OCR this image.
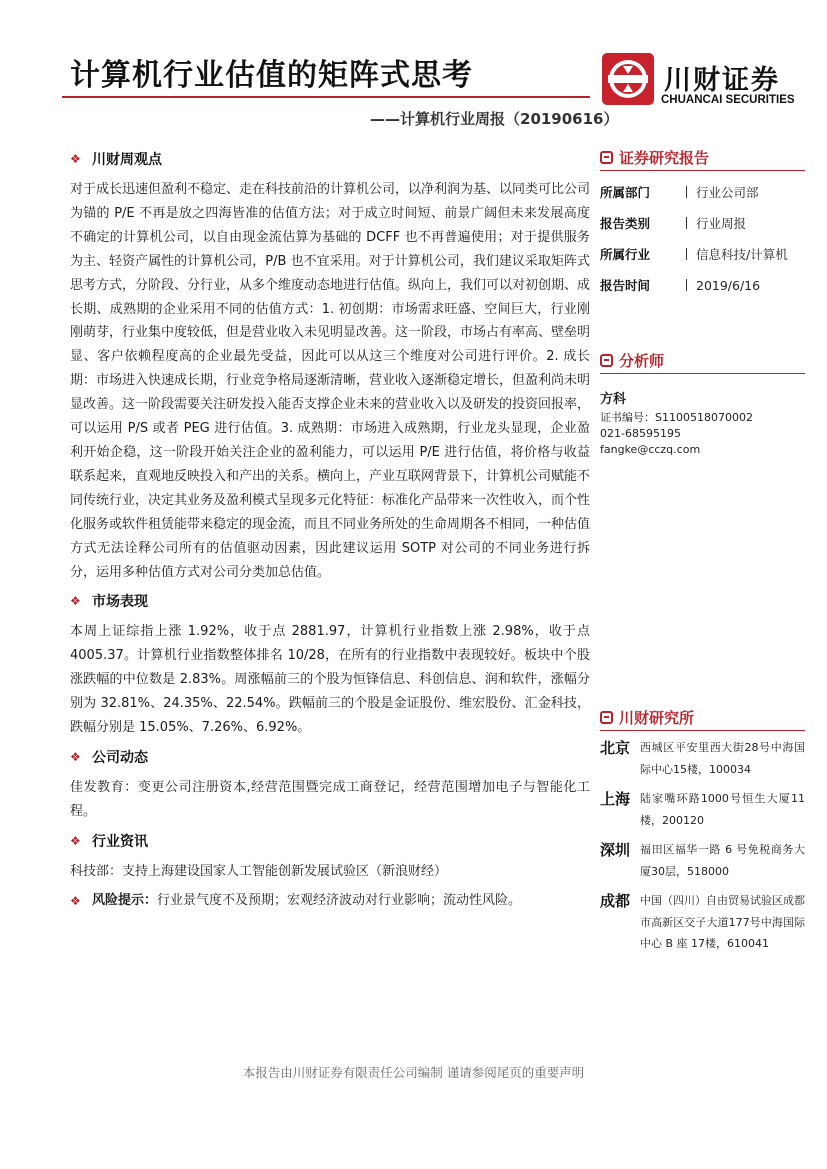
计算机行业估值的矩阵式思考
——计算机行业周报（20190616）
川财证券
CHUANCAI SECURITIES
❖ 川财周观点

对于成长迅速但盈利不稳定、走在科技前沿的计算机公司，以净利润为基、以同类可比公司为锚的 P/E 不再是放之四海皆准的估值方法；对于成立时间短、前景广阔但未来发展高度不确定的计算机公司，以自由现金流估算为基础的 DCFF 也不再普遍使用；对于提供服务为主、轻资产属性的计算机公司，P/B 也不宜采用。对于计算机公司，我们建议采取矩阵式思考方式，分阶段、分行业，从多个维度动态地进行估值。纵向上，我们可以对初创期、成长期、成熟期的企业采用不同的估值方式：1. 初创期：市场需求旺盛、空间巨大，行业刚刚萌芽，行业集中度较低，但是营业收入未见明显改善。这一阶段，市场占有率高、壁垒明显、客户依赖程度高的企业最先受益，因此可以从这三个维度对公司进行评价。2. 成长期：市场进入快速成长期，行业竞争格局逐渐清晰，营业收入逐渐稳定增长，但盈利尚未明显改善。这一阶段需要关注研发投入能否支撑企业未来的营业收入以及研发的投资回报率，可以运用 P/S 或者 PEG 进行估值。3. 成熟期：市场进入成熟期，行业龙头显现，企业盈利开始企稳，这一阶段开始关注企业的盈利能力，可以运用 P/E 进行估值，将价格与收益联系起来，直观地反映投入和产出的关系。横向上，产业互联网背景下，计算机公司赋能不同传统行业，决定其业务及盈利模式呈现多元化特征：标准化产品带来一次性收入，而个性化服务或软件租赁能带来稳定的现金流，而且不同业务所处的生命周期各不相同，一种估值方式无法诠释公司所有的估值驱动因素，因此建议运用 SOTP 对公司的不同业务进行拆分，运用多种估值方式对公司分类加总估值。

❖ 市场表现

本周上证综指上涨 1.92%，收于点 2881.97，计算机行业指数上涨 2.98%，收于点 4005.37。计算机行业指数整体排名 10/28，在所有的行业指数中表现较好。板块中个股涨跌幅的中位数是 2.83%。周涨幅前三的个股为恒锋信息、科创信息、润和软件，涨幅分别为 32.81%、24.35%、22.54%。跌幅前三的个股是金证股份、维宏股份、汇金科技，跌幅分别是 15.05%、7.26%、6.92%。

❖ 公司动态

佳发教育：变更公司注册资本,经营范围暨完成工商登记，经营范围增加电子与智能化工程。

❖ 行业资讯

科技部：支持上海建设国家人工智能创新发展试验区（新浪财经）

❖ 风险提示： 行业景气度不及预期；宏观经济波动对行业影响；流动性风险。
证券研究报告
所属部门	行业公司部
报告类别	行业周报
所属行业	信息科技/计算机
报告时间	2019/6/16
分析师
方科
证书编号：S1100518070002
021-68595195
fangke@cczq.com
川财研究所
北京 西城区平安里西大街28号中海国际中心15楼，100034
上海 陆家嘴环路1000号恒生大厦11楼，200120
深圳 福田区福华一路 6 号免税商务大厦30层，518000
成都 中国（四川）自由贸易试验区成都市高新区交子大道177号中海国际中心 B 座 17楼，610041
本报告由川财证券有限责任公司编制 谨请参阅尾页的重要声明
